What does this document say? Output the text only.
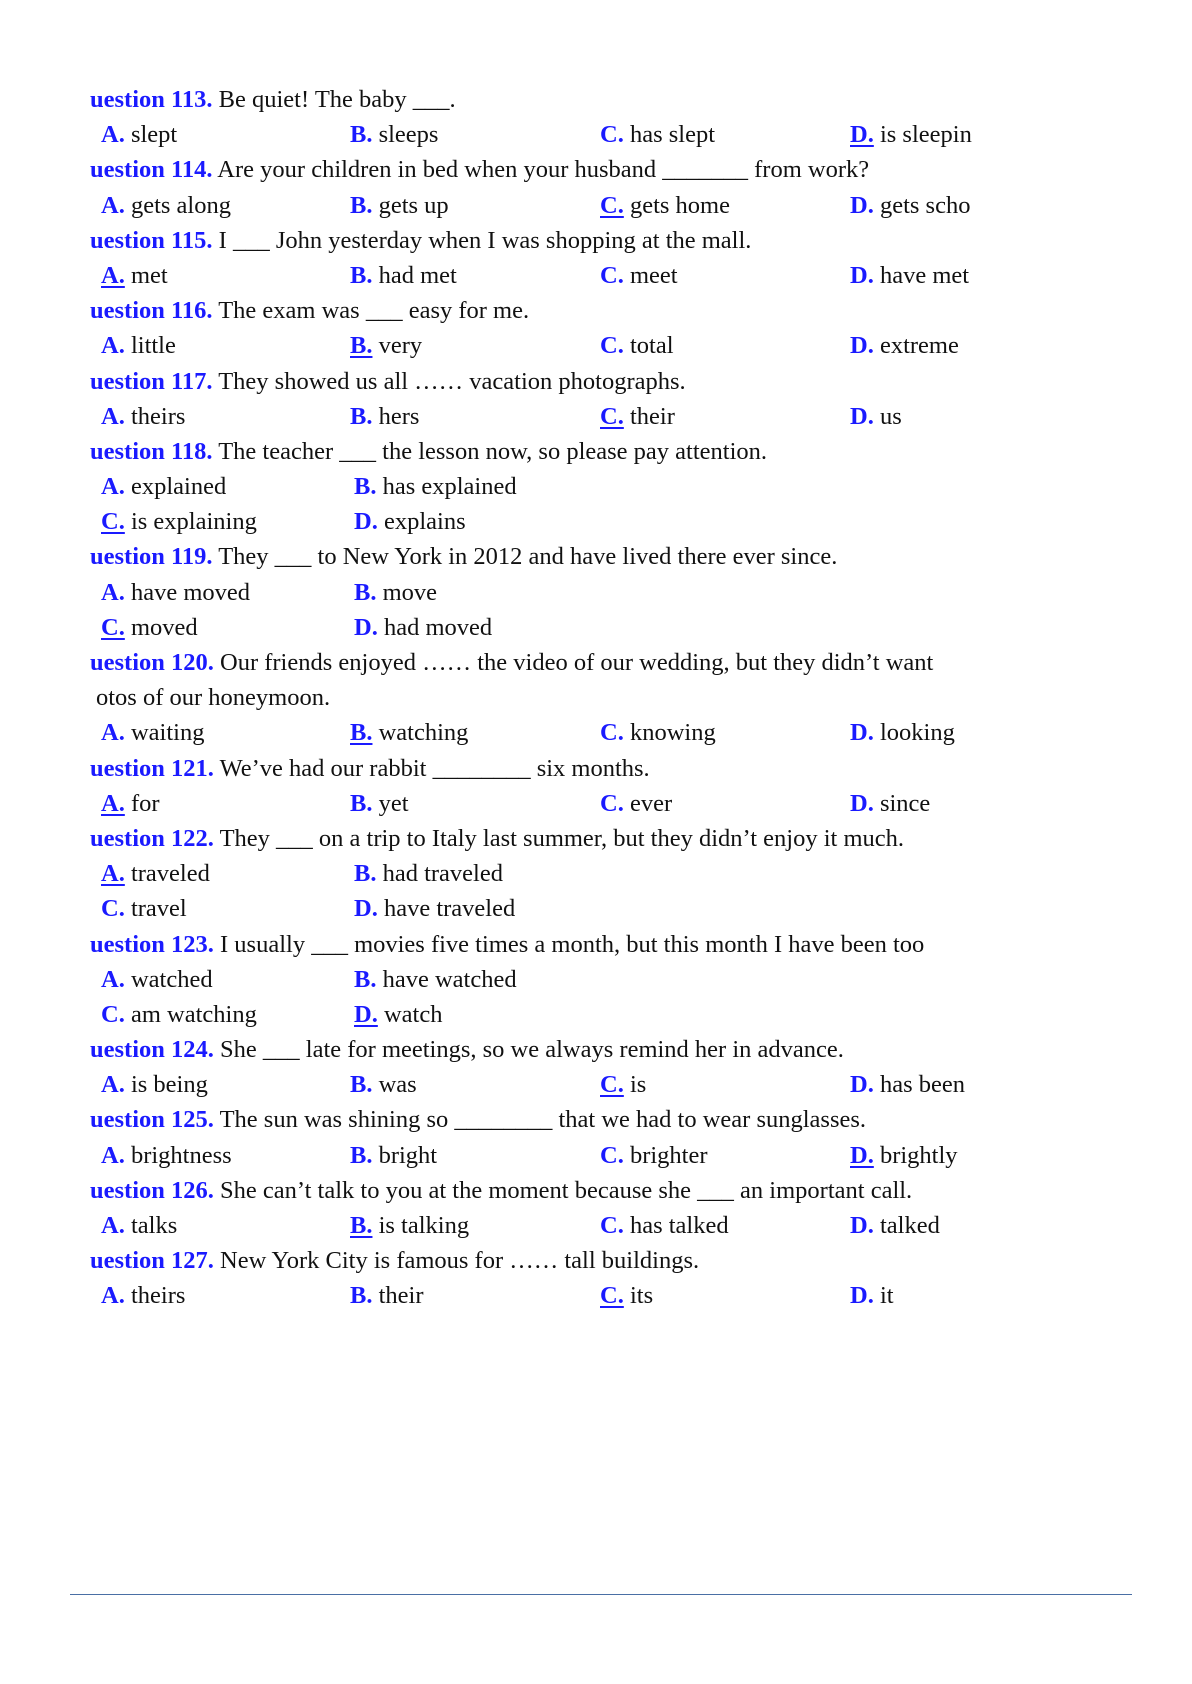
uestion 113. Be quiet! The baby ___.
A. slept	B. sleeps	C. has slept	D. is sleepin
uestion 114. Are your children in bed when your husband _______ from work?
A. gets along	B. gets up	C. gets home	D. gets scho
uestion 115. I ___ John yesterday when I was shopping at the mall.
A. met	B. had met	C. meet	D. have met
uestion 116. The exam was ___ easy for me.
A. little	B. very	C. total	D. extreme
uestion 117. They showed us all …… vacation photographs.
A. theirs	B. hers	C. their	D. us
uestion 118. The teacher ___ the lesson now, so please pay attention.
A. explained	B. has explained
C. is explaining	D. explains
uestion 119. They ___ to New York in 2012 and have lived there ever since.
A. have moved	B. move
C. moved	D. had moved
uestion 120. Our friends enjoyed …… the video of our wedding, but they didn’t want
otos of our honeymoon.
A. waiting	B. watching	C. knowing	D. looking
uestion 121. We’ve had our rabbit ________ six months.
A. for	B. yet	C. ever	D. since
uestion 122. They ___ on a trip to Italy last summer, but they didn’t enjoy it much.
A. traveled	B. had traveled
C. travel	D. have traveled
uestion 123. I usually ___ movies five times a month, but this month I have been too
A. watched	B. have watched
C. am watching	D. watch
uestion 124. She ___ late for meetings, so we always remind her in advance.
A. is being	B. was	C. is	D. has been
uestion 125. The sun was shining so ________ that we had to wear sunglasses.
A. brightness	B. bright	C. brighter	D. brightly
uestion 126. She can’t talk to you at the moment because she ___ an important call.
A. talks	B. is talking	C. has talked	D. talked
uestion 127. New York City is famous for …… tall buildings.
A. theirs	B. their	C. its	D. it
